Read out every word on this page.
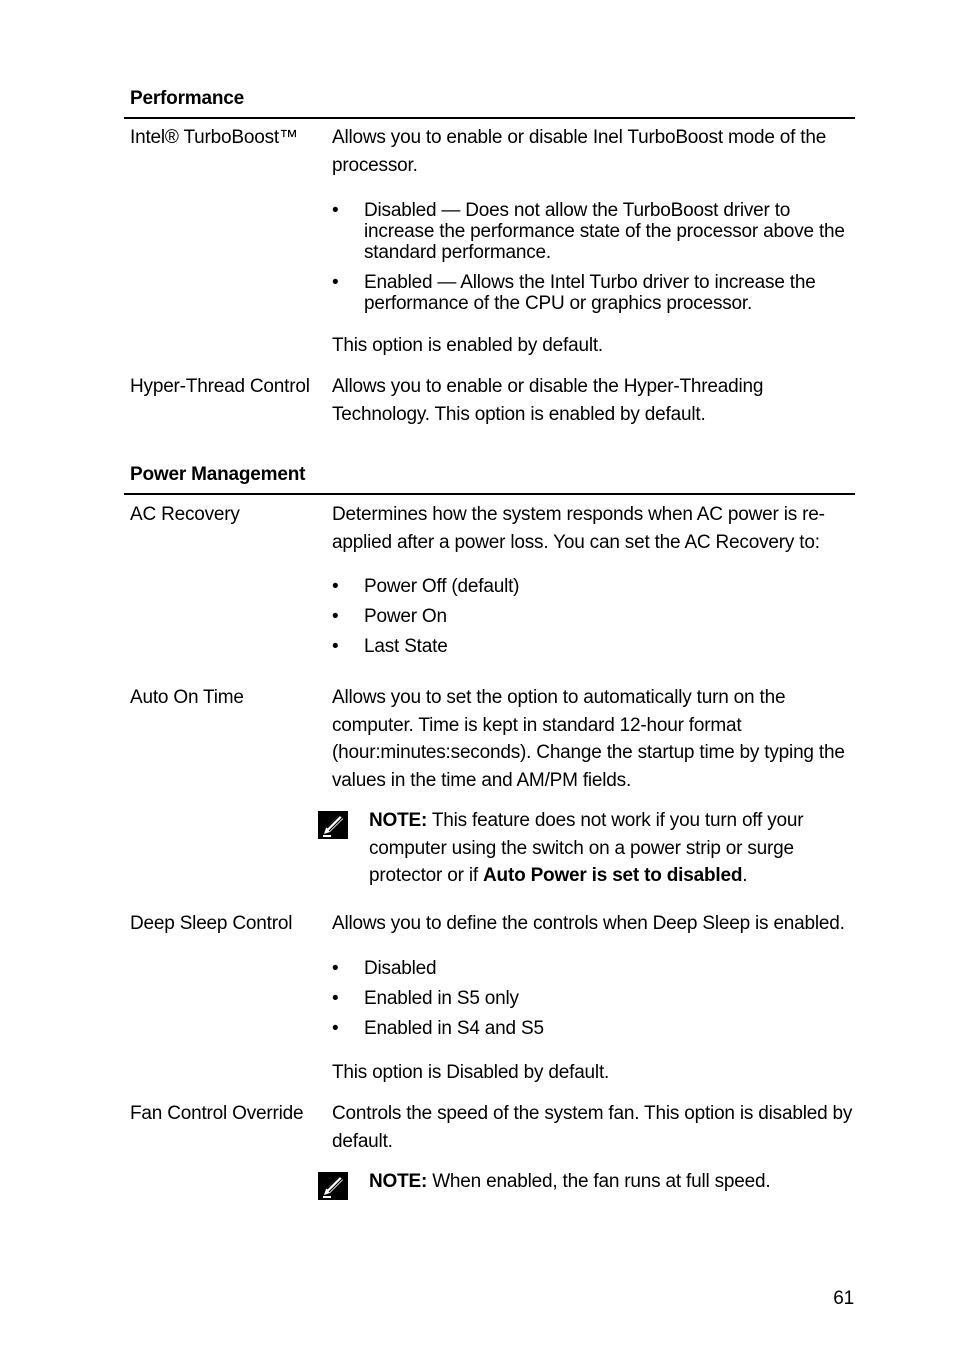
Performance
Intel® TurboBoost™ Allows you to enable or disable Inel TurboBoost mode of the processor.

• Disabled — Does not allow the TurboBoost driver to increase the performance state of the processor above the standard performance.
• Enabled — Allows the Intel Turbo driver to increase the performance of the CPU or graphics processor.
This option is enabled by default.
Hyper-Thread Control Allows you to enable or disable the Hyper-Threading Technology. This option is enabled by default.
Power Management
AC Recovery	Determines how the system responds when AC power is re-applied after a power loss. You can set the AC Recovery to:
• Power Off (default)
• Power On
• Last State
Auto On Time	Allows you to set the option to automatically turn on the computer. Time is kept in standard 12-hour format (hour:minutes:seconds). Change the startup time by typing the values in the time and AM/PM fields.
NOTE: This feature does not work if you turn off your computer using the switch on a power strip or surge protector or if Auto Power is set to disabled.
Deep Sleep Control Allows you to define the controls when Deep Sleep is enabled.
• Disabled
• Enabled in S5 only
• Enabled in S4 and S5
This option is Disabled by default.
Fan Control Override Controls the speed of the system fan. This option is disabled by default.
NOTE: When enabled, the fan runs at full speed.
61
